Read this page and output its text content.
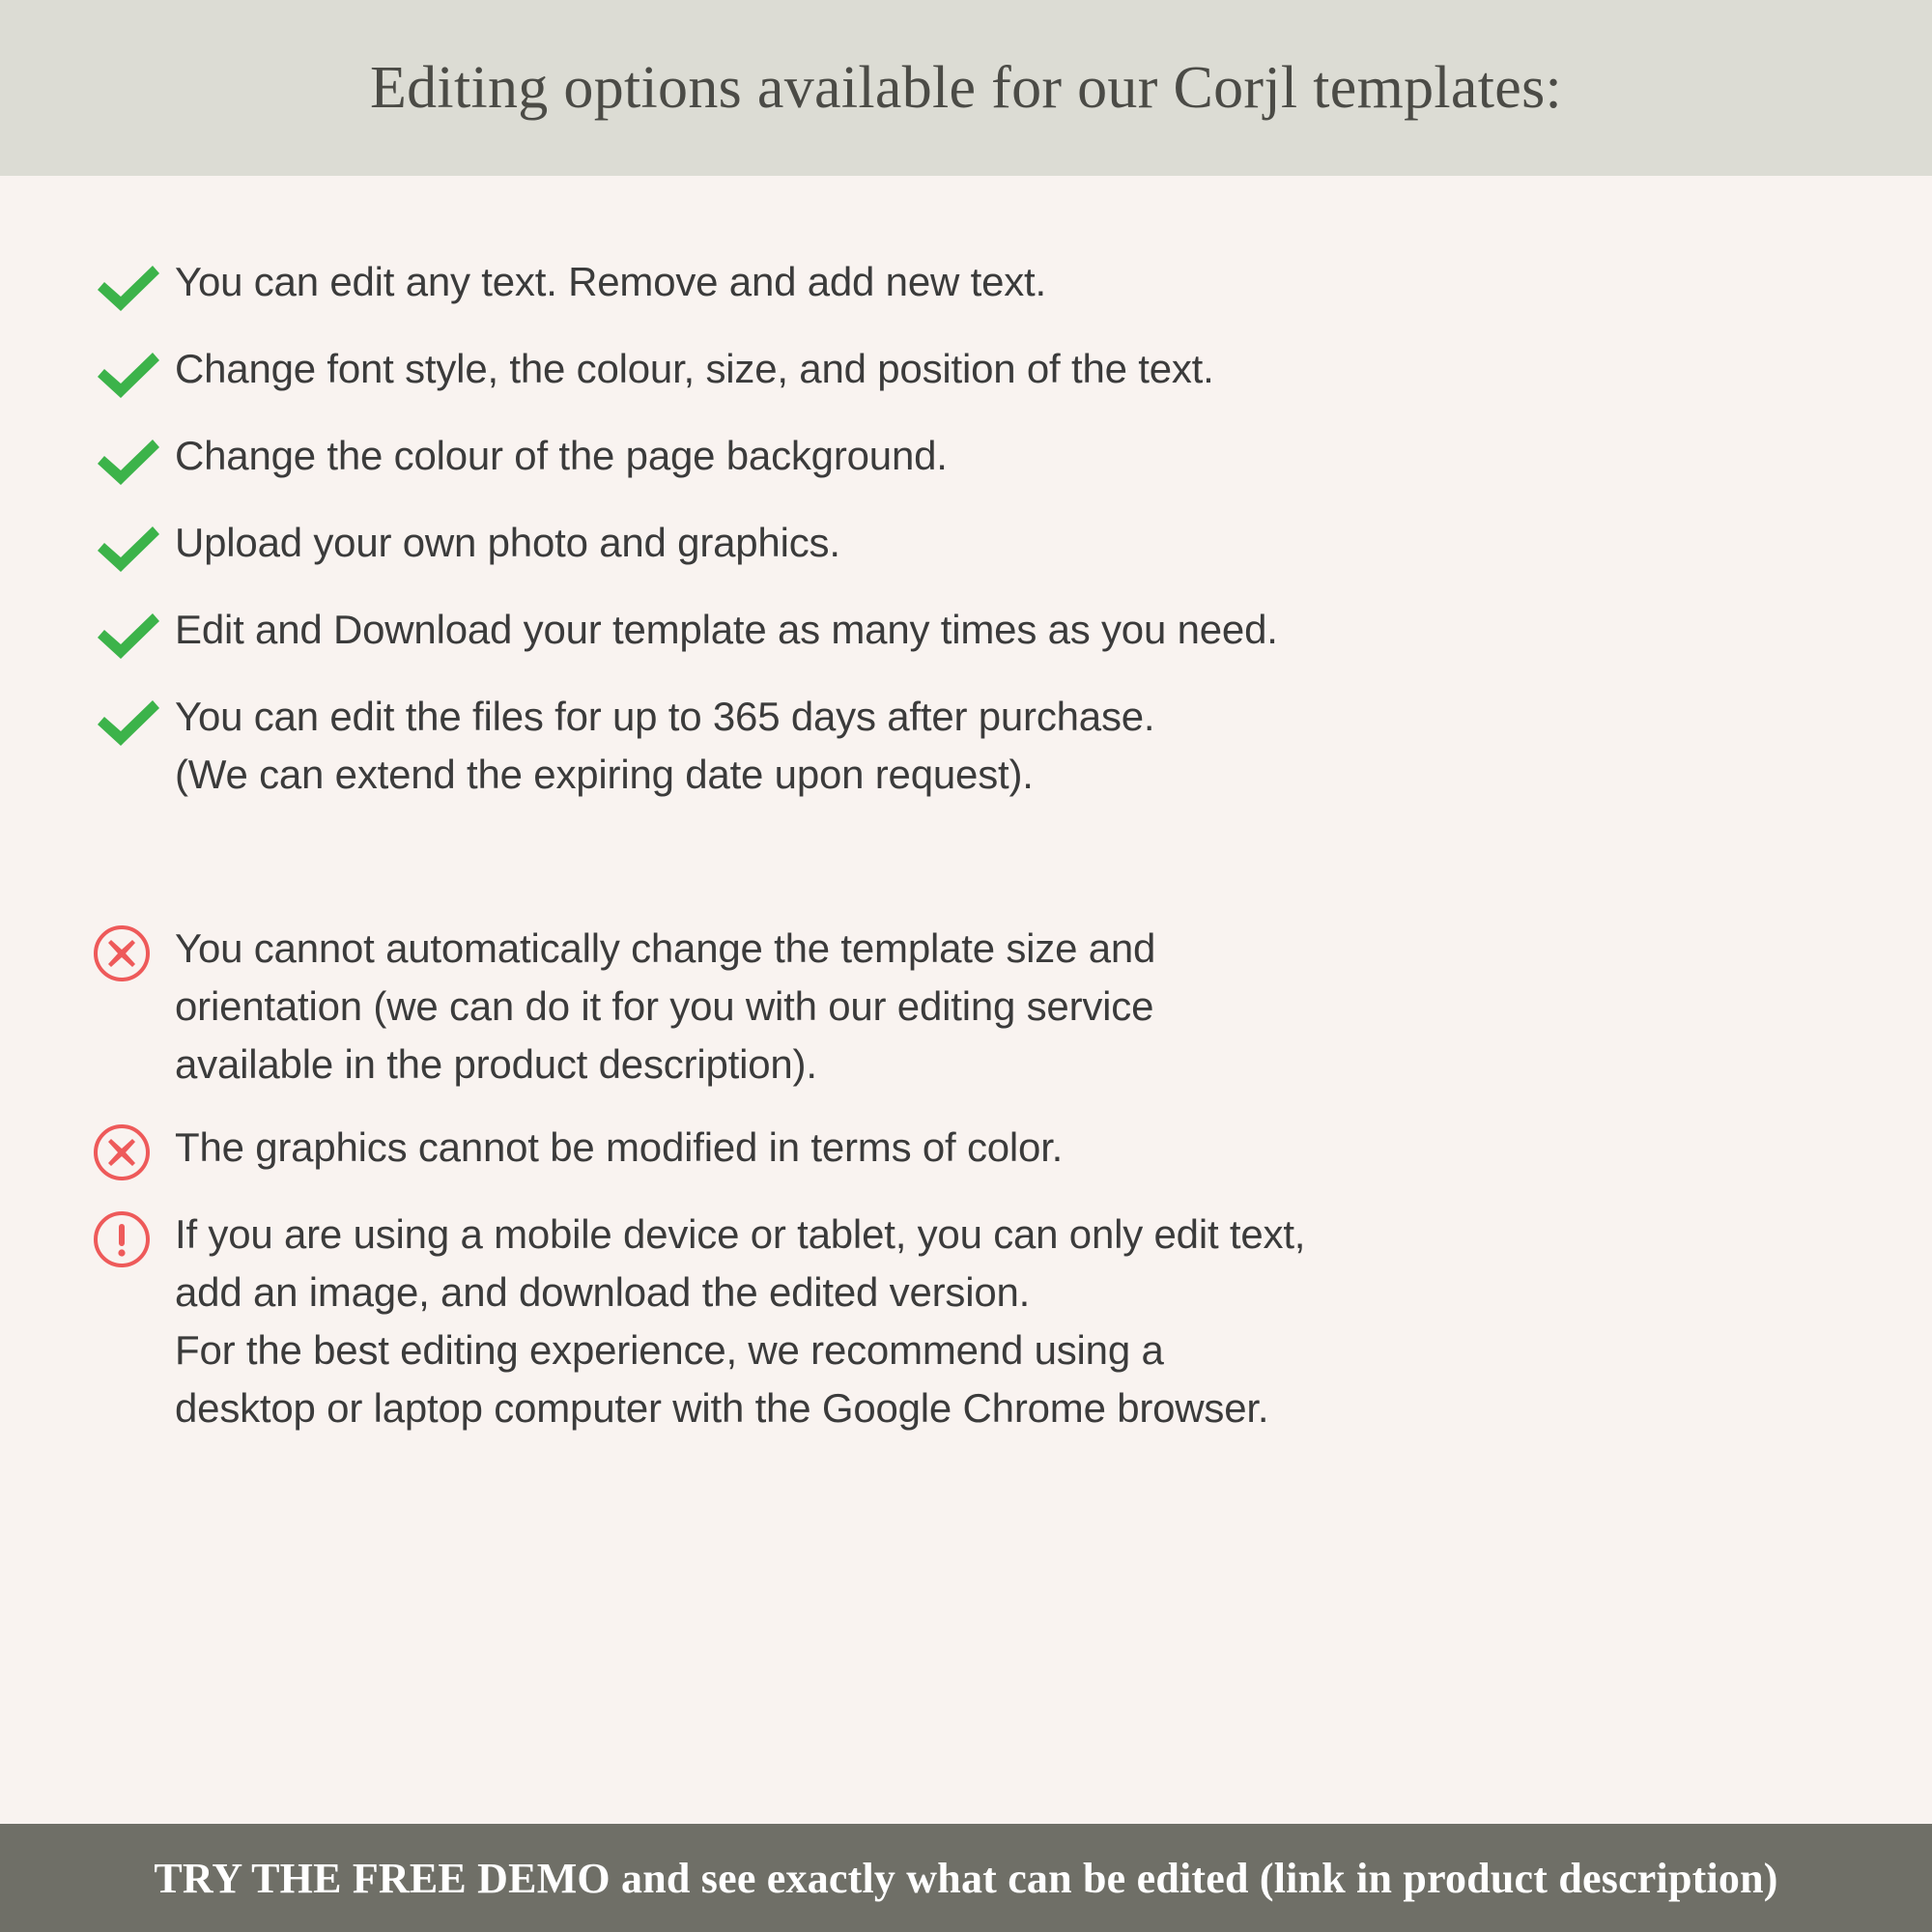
Editing options available for our Corjl templates:
You can edit any text. Remove and add new text.
Change font style, the colour, size, and position of the text.
Change the colour of the page background.
Upload your own photo and graphics.
Edit and Download your template as many times as you need.
You can edit the files for up to 365 days after purchase.
(We can extend the expiring date upon request).
You cannot automatically change the template size and
orientation (we can do it for you with our editing service
available in the product description).
The graphics cannot be modified in terms of color.
If you are using a mobile device or tablet, you can only edit text,
add an image, and download the edited version.
For the best editing experience, we recommend using a
desktop or laptop computer with the Google Chrome browser.
TRY THE FREE DEMO and see exactly what can be edited (link in product description)
